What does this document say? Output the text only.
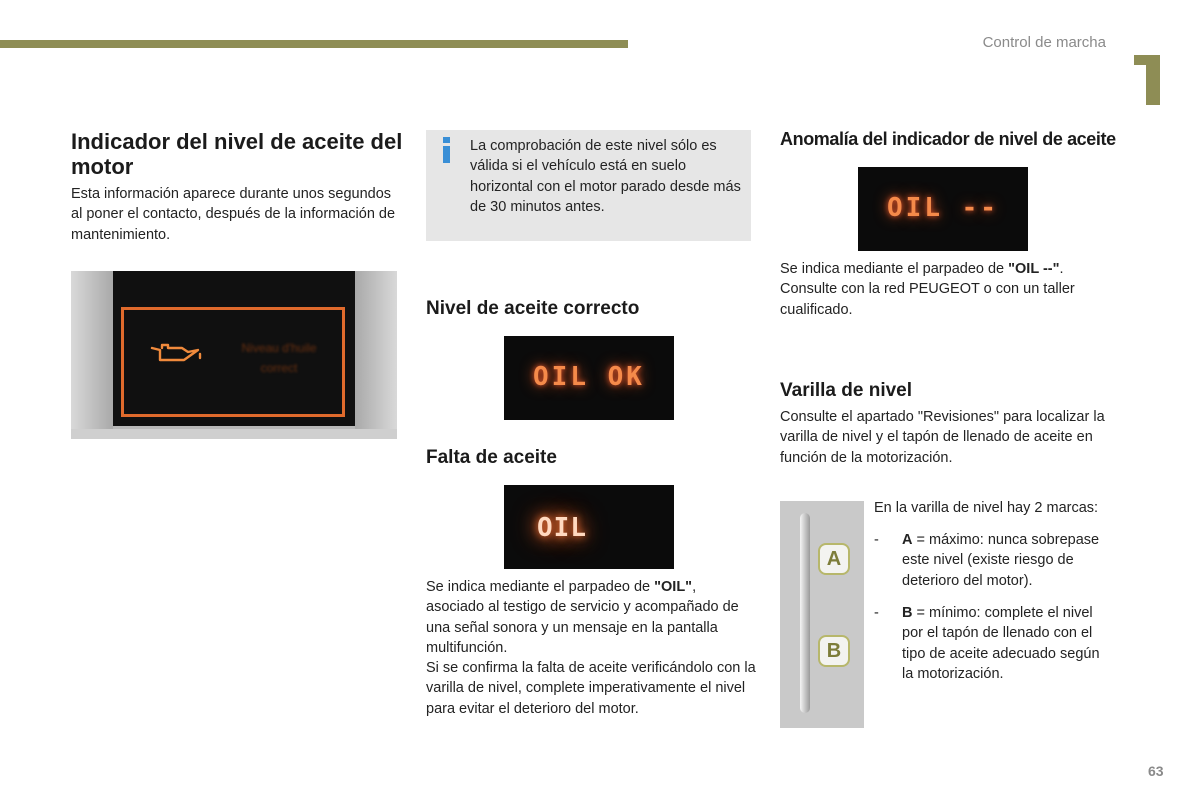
Control de marcha
Indicador del nivel de aceite del motor
Esta información aparece durante unos segundos al poner el contacto, después de la información de mantenimiento.
Niveau d'huile
correct
La comprobación de este nivel sólo es válida si el vehículo está en suelo horizontal con el motor parado desde más de 30 minutos antes.
Nivel de aceite correcto
OIL OK
Falta de aceite
OIL

Se indica mediante el parpadeo de "OIL", asociado al testigo de servicio y acompañado de una señal sonora y un mensaje en la pantalla multifunción.

Si se confirma la falta de aceite verificándolo con la varilla de nivel, complete imperativamente el nivel para evitar el deterioro del motor.

Anomalía del indicador de nivel de aceite
OIL --

Se indica mediante el parpadeo de "OIL --". Consulte con la red PEUGEOT o con un taller cualificado.

Varilla de nivel
Consulte el apartado "Revisiones" para localizar la varilla de nivel y el tapón de llenado de aceite en función de la motorización.
A
B
En la varilla de nivel hay 2 marcas:
-	A = máximo: nunca sobrepase este nivel (existe riesgo de deterioro del motor).
-	B = mínimo: complete el nivel por el tapón de llenado con el tipo de aceite adecuado según la motorización.
63
